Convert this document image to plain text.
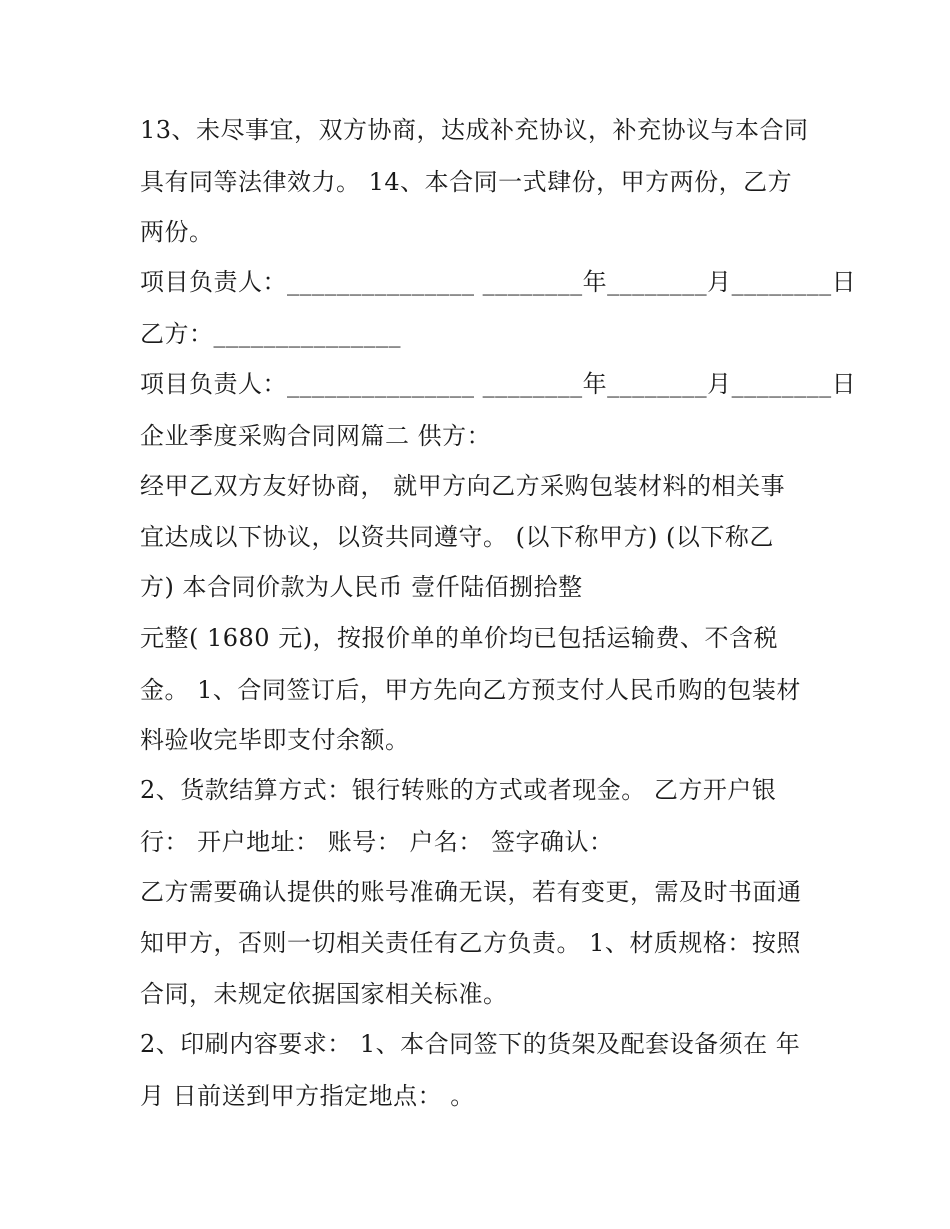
13、未尽事宜，双方协商，达成补充协议，补充协议与本合同
具有同等法律效力。 14、本合同一式肆份，甲方两份，乙方
两份。
项目负责人：_______________ ________年________月________日
乙方：_______________
项目负责人：_______________ ________年________月________日
企业季度采购合同网篇二 供方：
经甲乙双方友好协商， 就甲方向乙方采购包装材料的相关事
宜达成以下协议，以资共同遵守。 (以下称甲方) (以下称乙
方) 本合同价款为人民币 壹仟陆佰捌拾整
元整( 1680 元)，按报价单的单价均已包括运输费、不含税
金。 1、合同签订后，甲方先向乙方预支付人民币购的包装材
料验收完毕即支付余额。
2、货款结算方式：银行转账的方式或者现金。 乙方开户银
行： 开户地址： 账号： 户名： 签字确认：
乙方需要确认提供的账号准确无误，若有变更，需及时书面通
知甲方，否则一切相关责任有乙方负责。 1、材质规格：按照
合同，未规定依据国家相关标准。
2、印刷内容要求： 1、本合同签下的货架及配套设备须在 年
月 日前送到甲方指定地点： 。
